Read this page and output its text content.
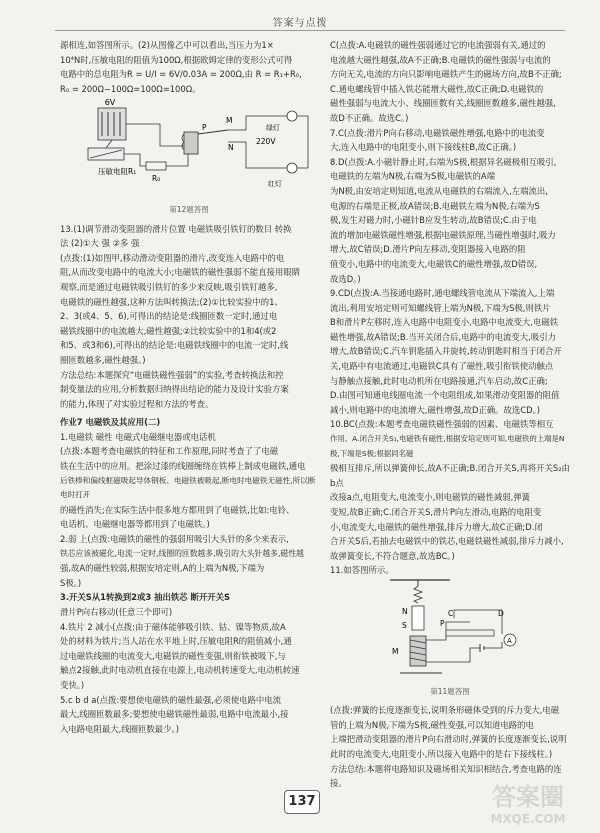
答案与点拨

源相连,如答图所示。(2)从图像乙中可以看出,当压力为1×

10⁴N时,压敏电阻的阻值为100Ω,根据欧姆定律的变形公式可得

电路中的总电阻为R = U/I = 6V/0.03A = 200Ω,由 R = R₁+R₀,

R₀ = 200Ω−100Ω=100Ω=100Ω。

6V
压敏电阻R₁
R₀
P
M
N
绿灯
红灯
220V
第12题答图

13.(1)调节滑动变阻器的滑片位置 电磁铁吸引铁钉的数目 转换

法 (2)①大 强 ②多 强

(点拨:(1)如图甲,移动滑动变阻器的滑片,改变连入电路中的电

阻,从而改变电路中的电流大小;电磁铁的磁性强弱不能直接用眼睛

观察,而是通过电磁铁吸引铁钉的多少来反映,吸引铁钉越多,

电磁铁的磁性越强,这种方法叫转换法;(2)①比较实验中的1、

2、3(或4、5、6),可得出的结论是:线圈匝数一定时,通过电

磁铁线圈中的电流越大,磁性越强;②比较实验中的1和4(或2

和5、或3和6),可得出的结论是:电磁铁线圈中的电流一定时,线

圈匝数越多,磁性越强。)

方法总结:本题探究“电磁铁磁性强弱”的实验,考查转换法和控

制变量法的应用,分析数据归纳得出结论的能力及设计实验方案

的能力,体现了对实验过程和方法的考查。

作业7 电磁铁及其应用(二)

1.电磁铁 磁性 电磁式电磁继电器或电话机

(点拨:本题考查电磁铁的特征和工作原理,同时考查了了电磁

铁在生活中的应用。把涂过漆的线圈缠绕在铁棒上制成电磁铁,通电

后铁棒和偏线框磁吸起导体钢板、电磁铁被吸起,断电时电磁铁无磁性,所以断电时打开

的磁性消失;在实际生活中很多地方都用到了电磁铁,比如:电铃、

电话机、电磁继电器等都用到了电磁铁。)

2.弱 上(点拨:电磁铁的磁性的强弱用吸引大头针的多少来表示,

铁芯应该被磁化,电流一定时,线圈的匝数越多,吸引的大头针越多,磁性越

强,故A的磁性较弱,根据安培定则,A的上端为N极,下端为

S极。)

3.开关S从1转换到2或3 抽出铁芯 断开开关S

滑片P向右移动(任意三个即可)

4.铁片 2 减小(点拨:由于磁体能够吸引铁、钴、镍等物质,故A

处的材料为铁片;当人站在水平地上时,压敏电阻R的阻值减小,通

过电磁铁线圈的电流变大,电磁铁的磁性变强,则衔铁被吸下,与

触点2接触,此时电动机直接在电源上,电动机转速变大,电动机转速

变快。)

5.c b d a(点拨:要想使电磁铁的磁性最强,必须使电路中电流

最大,线圈匝数最多;要想使电磁铁磁性最弱,电路中电流最小,接

入电路电阻最大,线圈匝数最少。)

C(点拨:A.电磁铁的磁性强弱通过它的电流强弱有关,通过的

电流越大磁性越强,故A不正确;B.电磁铁的磁性强弱与电流的

方向无关,电流的方向只影响电磁铁产生的磁场方向,故B不正确;

C.通电螺线管中插入铁芯能增大磁性,故C正确;D.电磁铁的

磁性强弱与电流大小、线圈匝数有关,线圈匝数越多,磁性越强,

故D不正确。故选C。)

7.C(点拨:滑片P向右移动,电磁铁磁性增强,电路中的电流变

大,连入电路中的电阻变小,则下接线柱B,故C正确。)

8.D(点拨:A.小磁针静止时,右端为S极,根据异名磁极相互吸引,

电磁铁的左端为N极,右端为S极,电磁铁的A端

为N极,由安培定则知道,电流从电磁铁的右端流入,左端流出,

电源的右端是正极,故A错误;B.电磁铁左端为N极,右端为S

极,发生对磁力时,小磁针B应发生转动,故B错误;C.由于电

流的增加电磁铁磁性增强,根据电磁铁原理,当磁性增强时,吸力

增大,故C错误;D.滑片P向左移动,变阻器接入电路的阻

值变小,电路中的电流变大,电磁铁C的磁性增强,故D错误,

故选D。)

9.CD(点拨:A.当接通电路时,通电螺线管电流从下端流入,上端

流出,利用安培定则可知螺线管上端为N极,下端为S极,则铁片

B和滑片P左移时,连入电路中电阻变小,电路中电流变大,电磁铁

磁性增强,故A错误;B.当开关闭合后,电路中的电流变大,吸引力

增大,故B错误;C.汽车钥匙插入并旋转,转动钥匙时相当于闭合开

关,电路中有电流通过,电磁铁C具有了磁性,吸引衔铁使动触点

与静触点接触,此时电动机所在电路接通,汽车启动,故C正确;

D.由图可知通电线圈电流一个电阻组成,如果滑动变阻器的阻值

减小,则电路中的电流增大,磁性增强,故D正确。故选CD。)

10.BC(点拨:本题考查电磁铁磁性强弱的因素、电磁铁等相互

作用。A.闭合开关S₁,电磁铁有磁性,根据安培定则可知,电磁铁的上端是N极,下端是S极;根据同名磁

极相互排斥,所以弹簧伸长,故A不正确;B.闭合开关S,再将开关S₂由b点

改接a点,电阻变大,电流变小,则电磁铁的磁性减弱,弹簧

变短,故B正确;C.闭合开关S,滑片P向左滑动,电路的电阻变

小,电流变大,电磁铁的磁性增强,排斥力增大,故C正确;D.闭

合开关S后,若抽去电磁铁中的铁芯,电磁铁磁性减弱,排斥力减小,

故弹簧变长,不符合题意,故选BC。)

11.如答图所示。

N
S
M
P
C	D
A
第11题答图

(点拨:弹簧的长度逐渐变长,说明条形磁体受到的斥力变大,电磁

管的上端为N极,下端为S极,磁性变强,可以知道电路的电

上端把滑动变阻器的滑片P向右滑动时,弹簧的长度逐渐变长,说明

此时的电流变大,电阻变小,所以接入电路中的是右下接线柱。)

方法总结:本题将电路知识及磁场相关知识相结合,考查电路的连接。

137	答案圈
MXQE.COM
